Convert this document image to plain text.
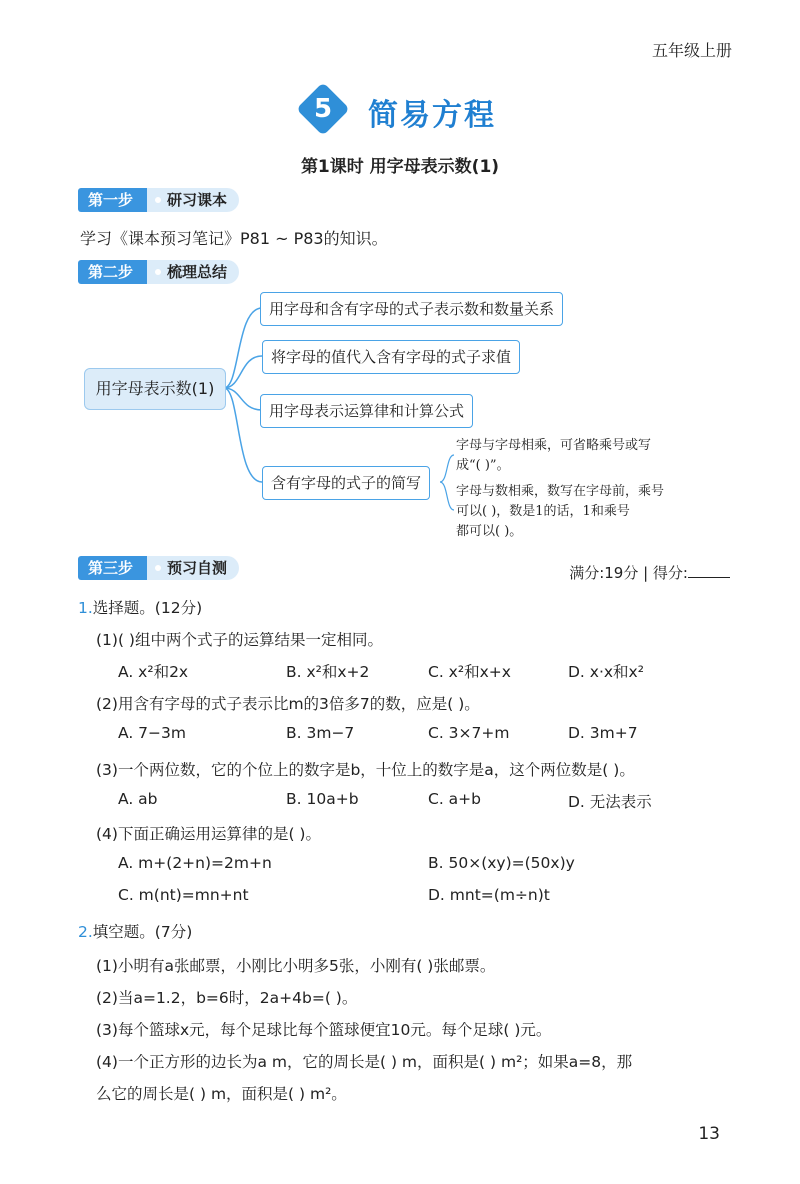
五年级上册
5	简易方程
第1课时 用字母表示数(1)
第一步 研习课本
学习《课本预习笔记》P81 ~ P83的知识。
第二步 梳理总结
用字母表示数(1)
用字母和含有字母的式子表示数和数量关系
将字母的值代入含有字母的式子求值
用字母表示运算律和计算公式
含有字母的式子的简写
字母与字母相乘，可省略乘号或写
成“( )”。
字母与数相乘，数写在字母前，乘号
可以( )，数是1的话，1和乘号
都可以( )。
第三步 预习自测	满分:19分 | 得分:
1.选择题。(12分)
(1)( )组中两个式子的运算结果一定相同。
A. x²和2x	B. x²和x+2	C. x²和x+x	D. x·x和x²
(2)用含有字母的式子表示比m的3倍多7的数，应是( )。
A. 7−3m	B. 3m−7	C. 3×7+m	D. 3m+7
(3)一个两位数，它的个位上的数字是b，十位上的数字是a，这个两位数是( )。
A. ab	B. 10a+b	C. a+b	D. 无法表示
(4)下面正确运用运算律的是( )。
A. m+(2+n)=2m+n	B. 50×(xy)=(50x)y
C. m(nt)=mn+nt	D. mnt=(m÷n)t
2.填空题。(7分)
(1)小明有a张邮票，小刚比小明多5张，小刚有( )张邮票。
(2)当a=1.2，b=6时，2a+4b=( )。
(3)每个篮球x元，每个足球比每个篮球便宜10元。每个足球( )元。
(4)一个正方形的边长为a m，它的周长是( ) m，面积是( ) m²；如果a=8，那
么它的周长是( ) m，面积是( ) m²。
13
